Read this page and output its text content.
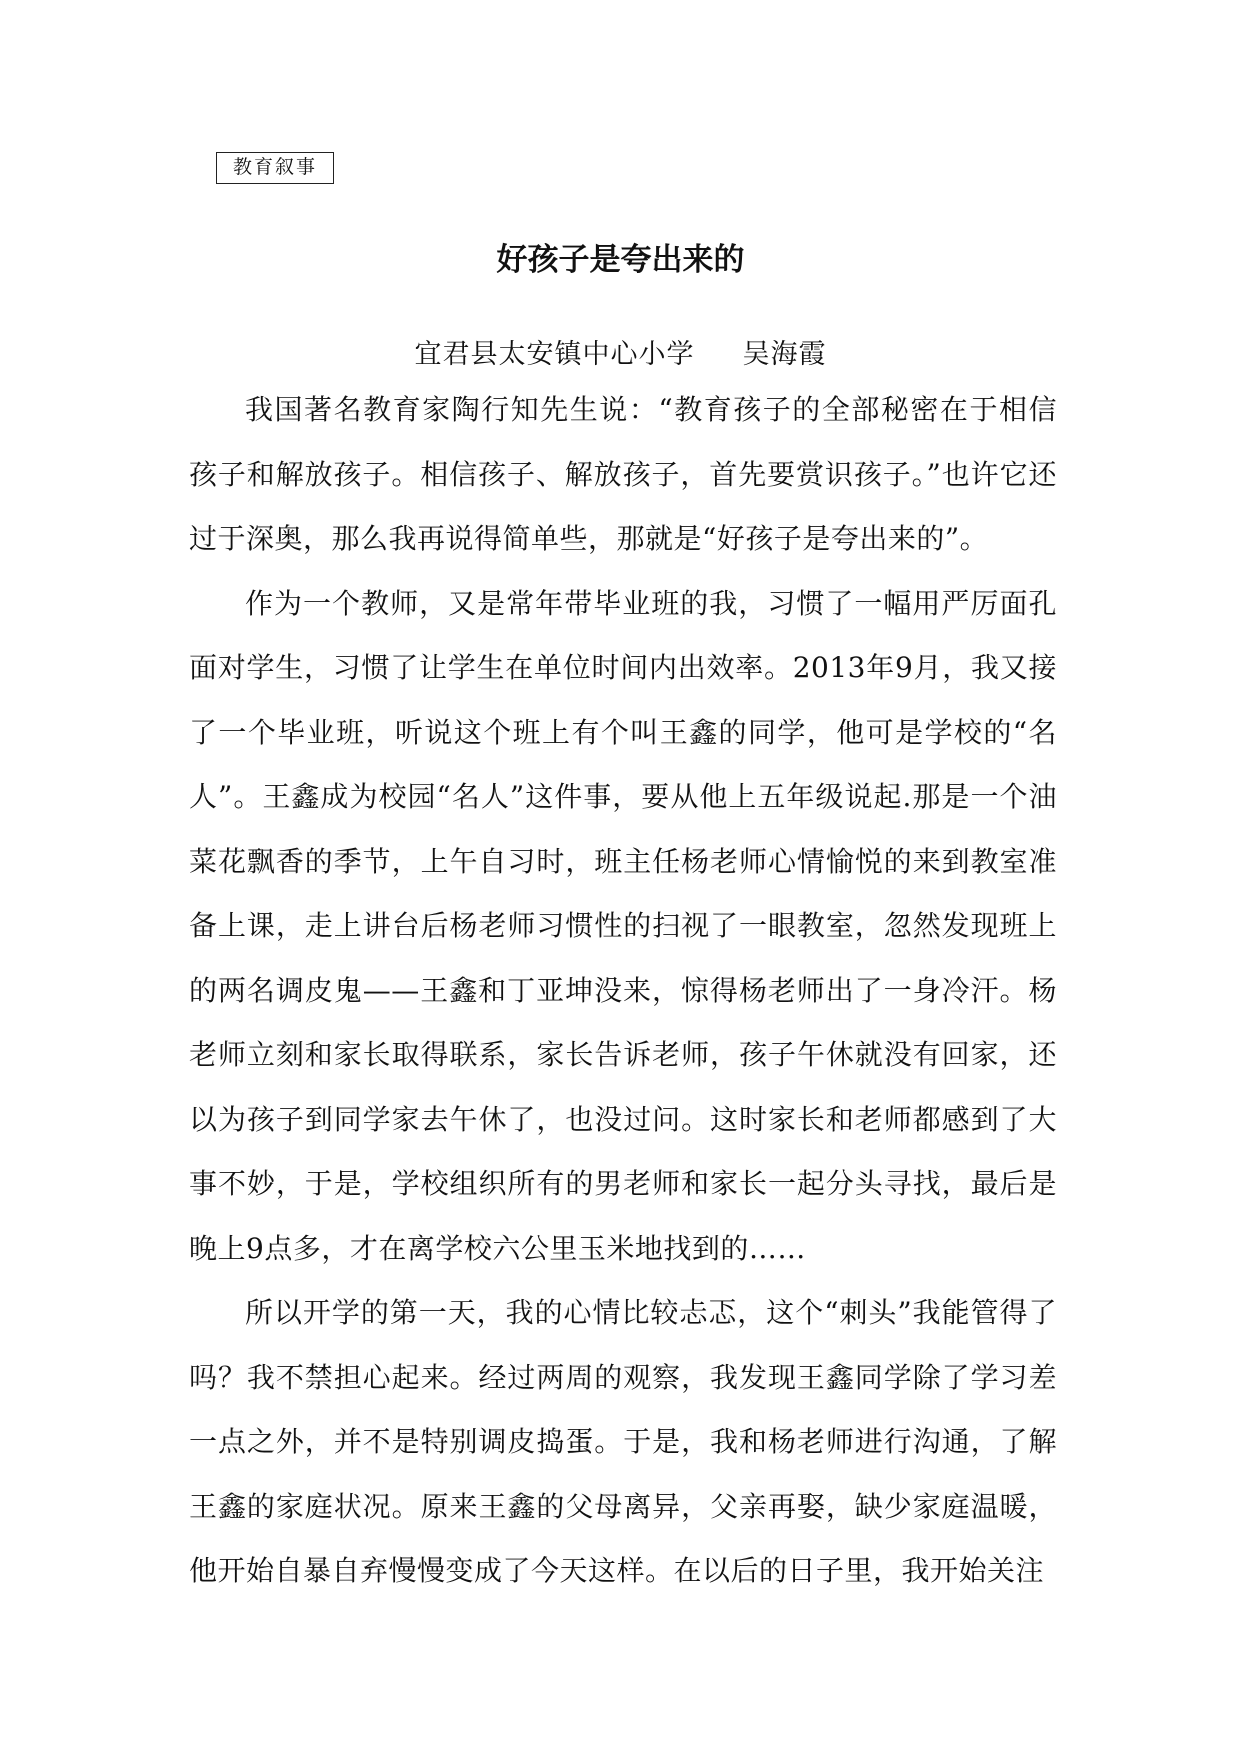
教育叙事
好孩子是夸出来的
宜君县太安镇中心小学 吴海霞

我国著名教育家陶行知先生说：“教育孩子的全部秘密在于相信孩子和解放孩子。相信孩子、解放孩子，首先要赏识孩子。”也许它还过于深奥，那么我再说得简单些，那就是“好孩子是夸出来的”。

作为一个教师，又是常年带毕业班的我，习惯了一幅用严厉面孔面对学生，习惯了让学生在单位时间内出效率。2013年9月，我又接了一个毕业班，听说这个班上有个叫王鑫的同学，他可是学校的“名人”。王鑫成为校园“名人”这件事，要从他上五年级说起.那是一个油菜花飘香的季节，上午自习时，班主任杨老师心情愉悦的来到教室准备上课，走上讲台后杨老师习惯性的扫视了一眼教室，忽然发现班上的两名调皮鬼——王鑫和丁亚坤没来，惊得杨老师出了一身冷汗。杨老师立刻和家长取得联系，家长告诉老师，孩子午休就没有回家，还以为孩子到同学家去午休了，也没过问。这时家长和老师都感到了大事不妙，于是，学校组织所有的男老师和家长一起分头寻找，最后是晚上9点多，才在离学校六公里玉米地找到的……

所以开学的第一天，我的心情比较忐忑，这个“刺头”我能管得了吗？我不禁担心起来。经过两周的观察，我发现王鑫同学除了学习差一点之外，并不是特别调皮捣蛋。于是，我和杨老师进行沟通，了解王鑫的家庭状况。原来王鑫的父母离异，父亲再娶，缺少家庭温暖，他开始自暴自弃慢慢变成了今天这样。在以后的日子里，我开始关注
